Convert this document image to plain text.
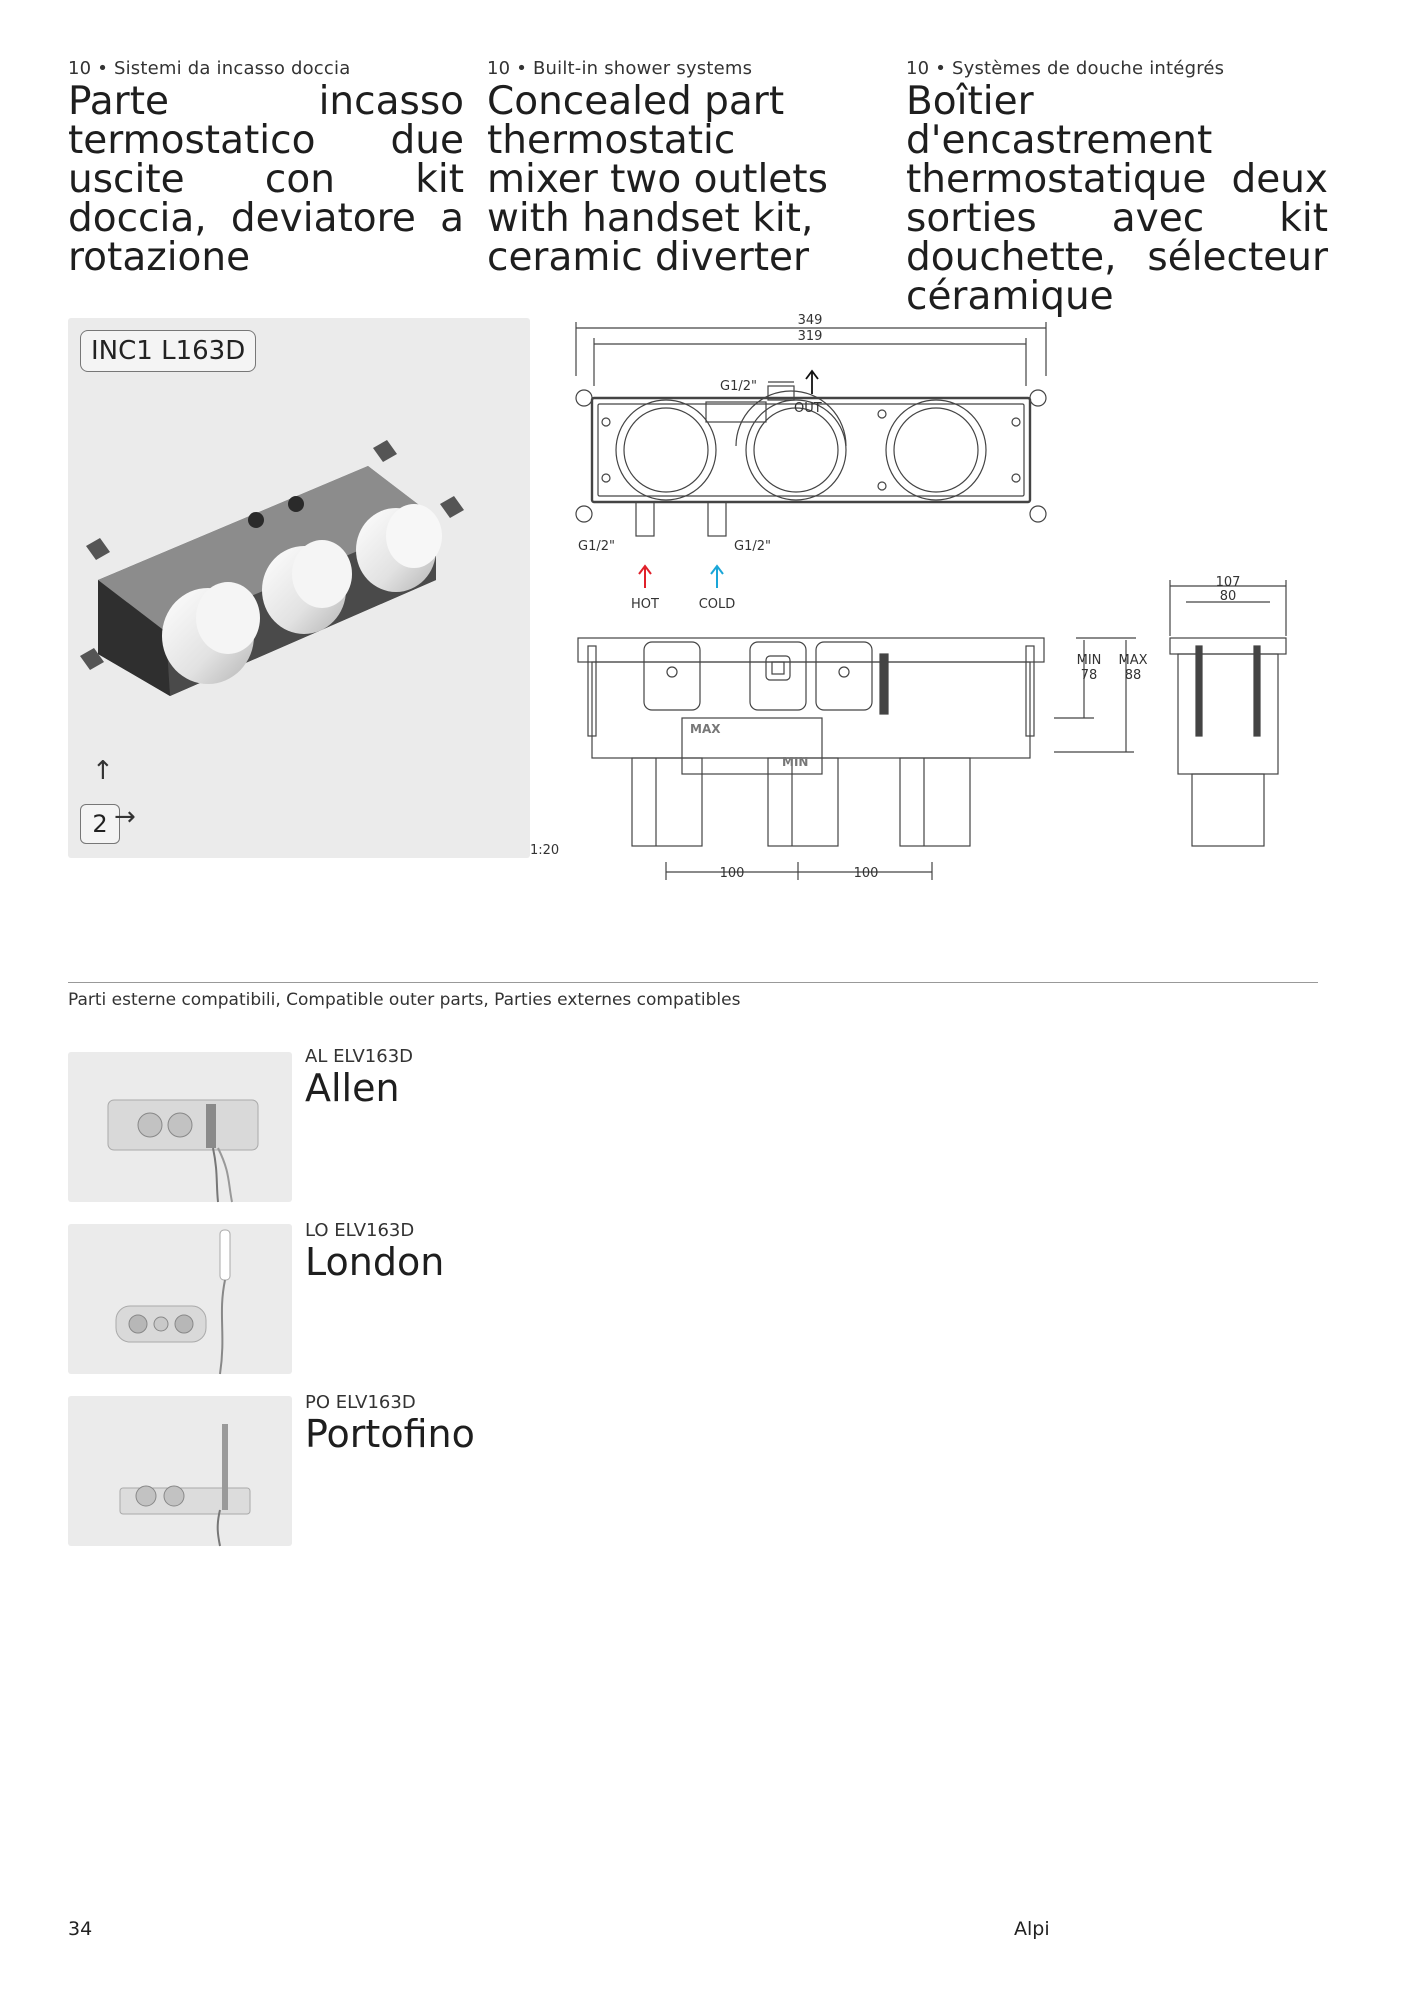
10 • Sistemi da incasso doccia
Parte incasso termostatico due uscite con kit doccia, deviatore a rotazione
10 • Built-in shower systems
Concealed part thermostatic mixer two outlets with handset kit, ceramic diverter
10 • Systèmes de douche intégrés
Boîtier d'encastrement thermostatique deux sorties avec kit douchette, sélecteur céramique
INC1 L163D
↑
2 →
349
319
G1/2"
OUT
G1/2"	G1/2"
HOT	COLD
MIN
78
MAX
88
107
80
100	100
1:20
MAX
MIN
Parti esterne compatibili, Compatible outer parts, Parties externes compatibles
AL ELV163D
Allen
LO ELV163D
London
PO ELV163D
Portofino
34	Alpi
